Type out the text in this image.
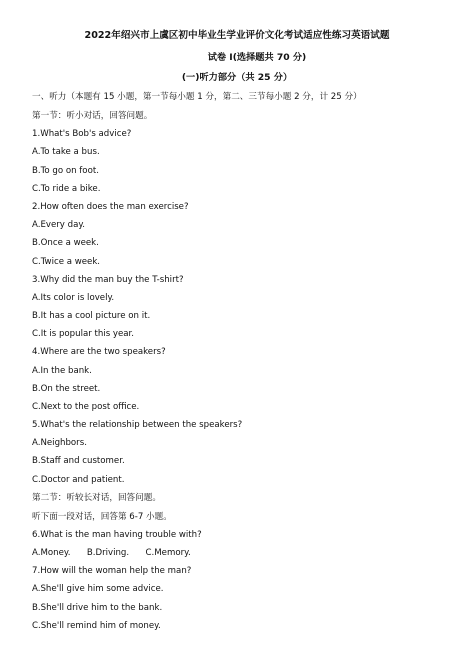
2022年绍兴市上虞区初中毕业生学业评价文化考试适应性练习英语试题
试卷 I(选择题共 70 分)
(一)听力部分（共 25 分）
一、听力（本题有 15 小题，第一节每小题 1 分，第二、三节每小题 2 分，计 25 分）
第一节：听小对话，回答问题。
1.What's Bob's advice?
A.To take a bus.
B.To go on foot.
C.To ride a bike.
2.How often does the man exercise?
A.Every day.
B.Once a week.
C.Twice a week.
3.Why did the man buy the T-shirt?
A.Its color is lovely.
B.It has a cool picture on it.
C.It is popular this year.
4.Where are the two speakers?
A.In the bank.
B.On the street.
C.Next to the post office.
5.What's the relationship between the speakers?
A.Neighbors.
B.Staff and customer.
C.Doctor and patient.
第二节：听较长对话，回答问题。
听下面一段对话，回答第 6-7 小题。
6.What is the man having trouble with?
A.Money.      B.Driving.      C.Memory.
7.How will the woman help the man?
A.She'll give him some advice.
B.She'll drive him to the bank.
C.She'll remind him of money.
